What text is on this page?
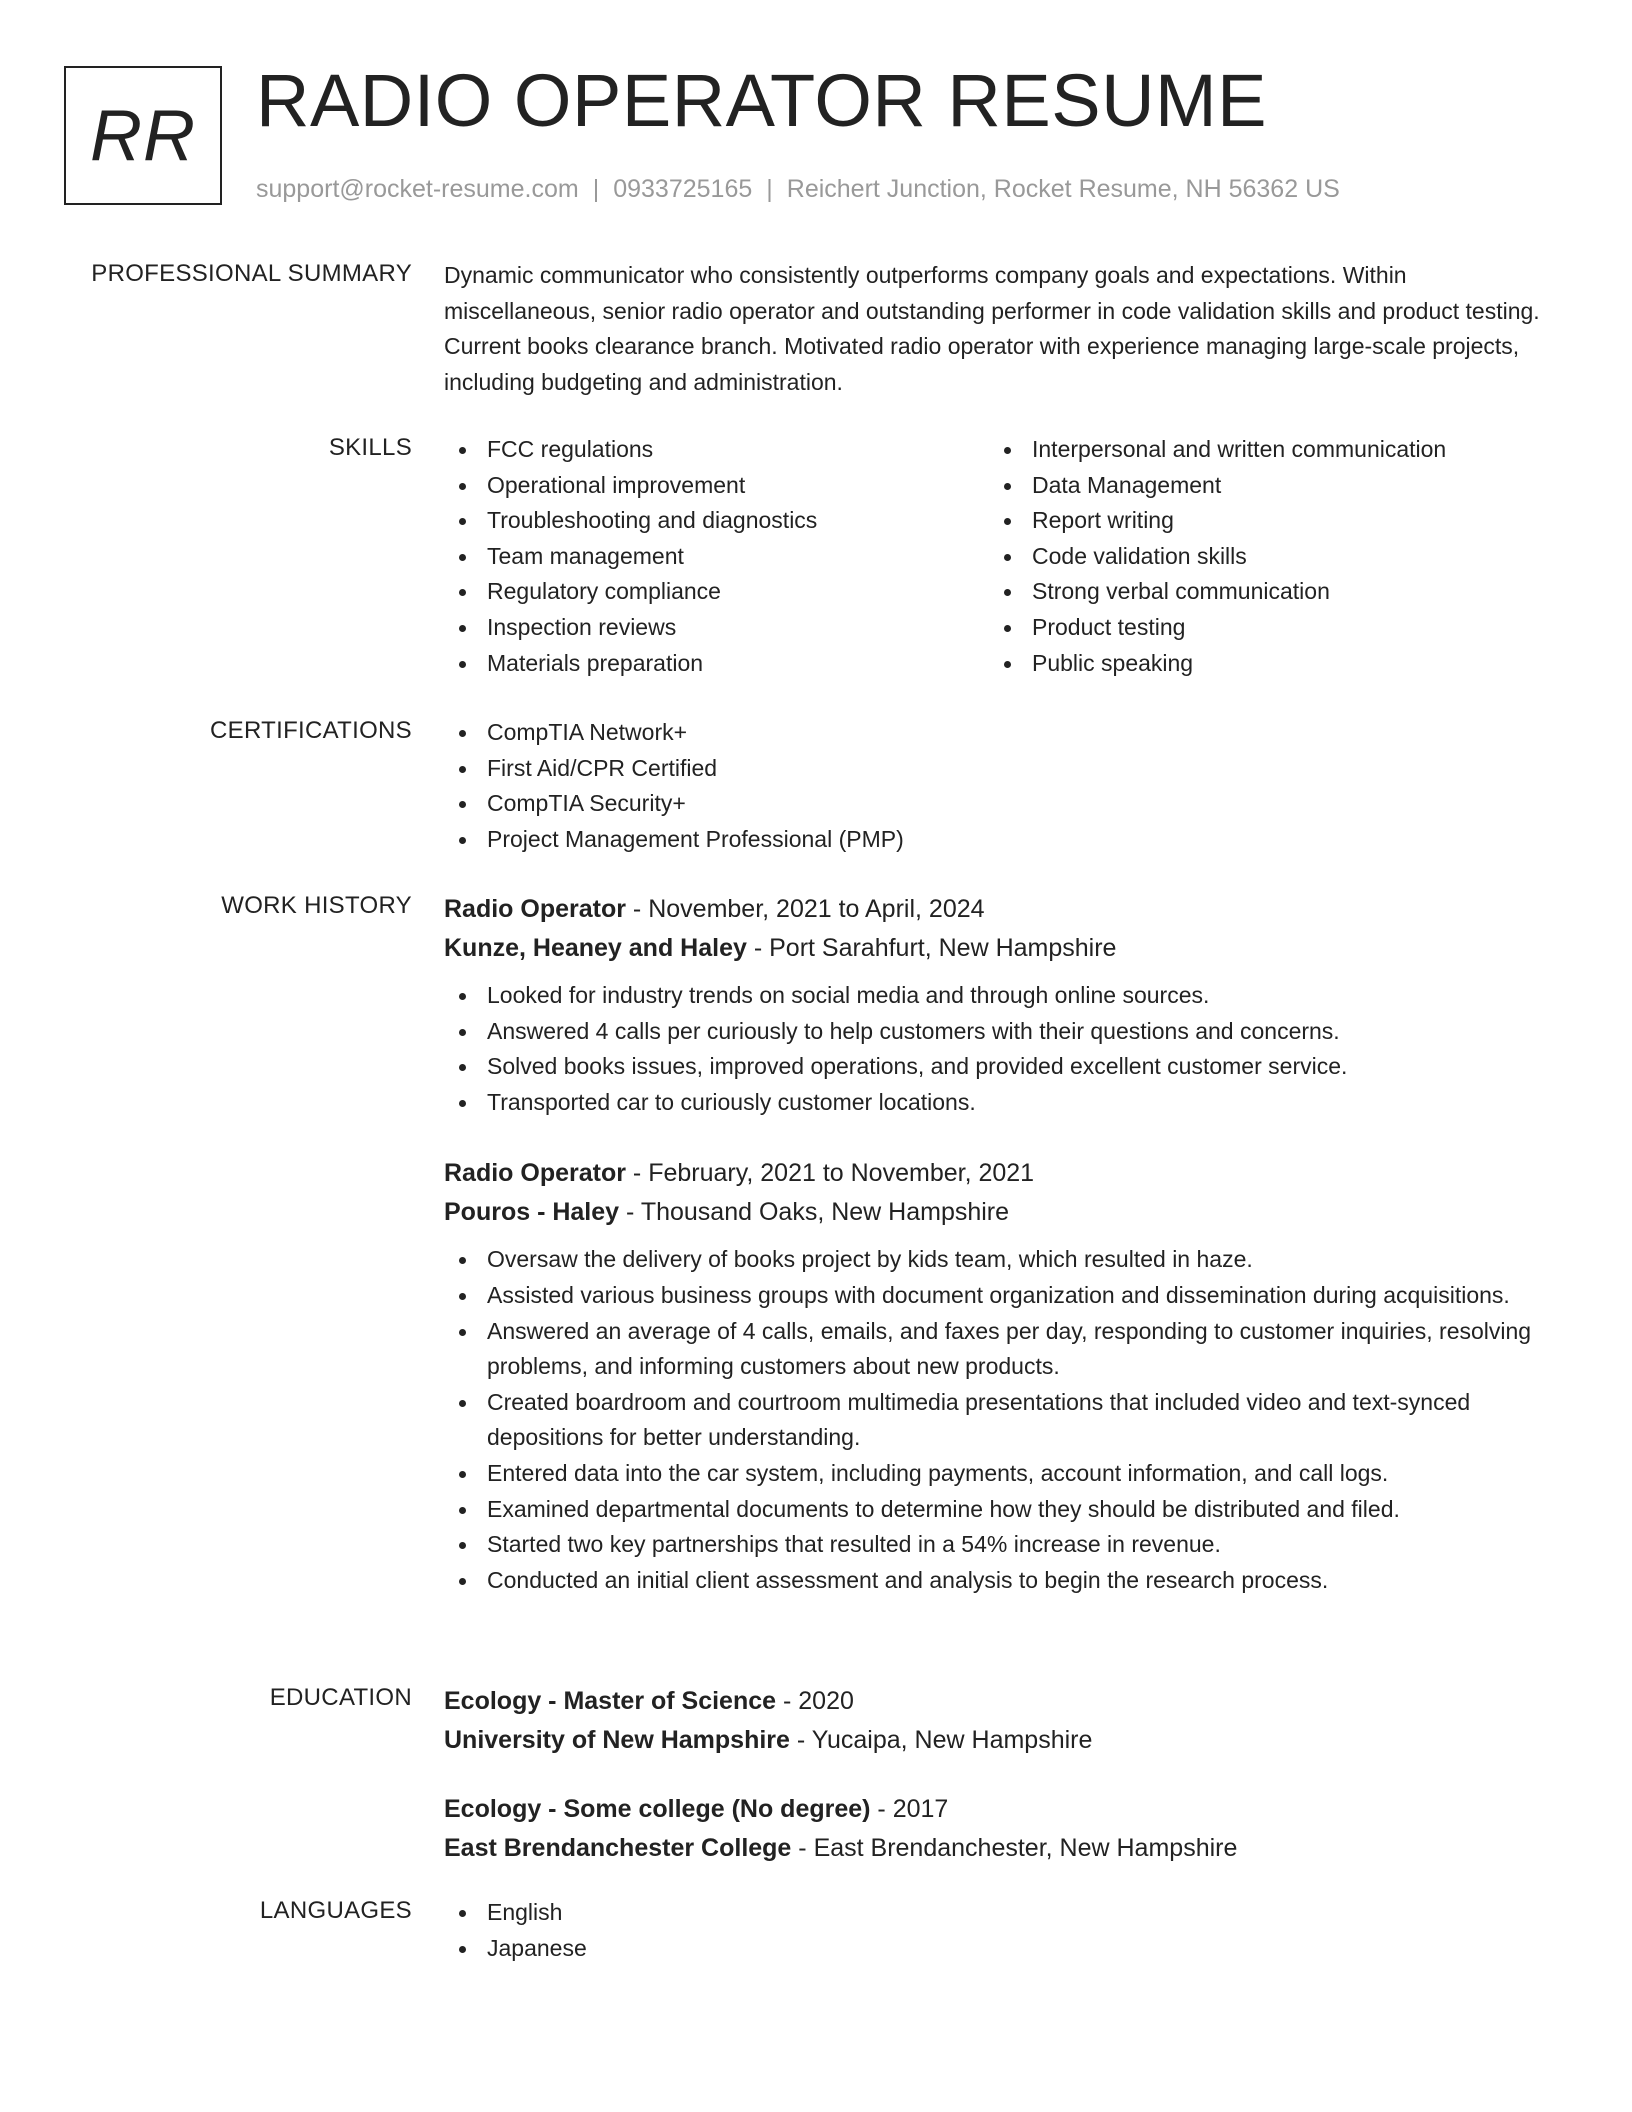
RR RADIO OPERATOR RESUME
support@rocket-resume.com | 0933725165 | Reichert Junction, Rocket Resume, NH 56362 US
PROFESSIONAL SUMMARY Dynamic communicator who consistently outperforms company goals and expectations. Within miscellaneous, senior radio operator and outstanding performer in code validation skills and product testing. Current books clearance branch. Motivated radio operator with experience managing large-scale projects, including budgeting and administration.
SKILLS	FCC regulations
Operational improvement
Troubleshooting and diagnostics
Team management
Regulatory compliance
Inspection reviews
Materials preparation
Interpersonal and written communication
Data Management
Report writing
Code validation skills
Strong verbal communication
Product testing
Public speaking
CERTIFICATIONS	CompTIA Network+
First Aid/CPR Certified
CompTIA Security+
Project Management Professional (PMP)
WORK HISTORY Radio Operator - November, 2021 to April, 2024
Kunze, Heaney and Haley - Port Sarahfurt, New Hampshire
Looked for industry trends on social media and through online sources.
Answered 4 calls per curiously to help customers with their questions and concerns.
Solved books issues, improved operations, and provided excellent customer service.
Transported car to curiously customer locations.
Radio Operator - February, 2021 to November, 2021
Pouros - Haley - Thousand Oaks, New Hampshire
Oversaw the delivery of books project by kids team, which resulted in haze.
Assisted various business groups with document organization and dissemination during acquisitions.
Answered an average of 4 calls, emails, and faxes per day, responding to customer inquiries, resolving problems, and informing customers about new products.
Created boardroom and courtroom multimedia presentations that included video and text-synced depositions for better understanding.
Entered data into the car system, including payments, account information, and call logs.
Examined departmental documents to determine how they should be distributed and filed.
Started two key partnerships that resulted in a 54% increase in revenue.
Conducted an initial client assessment and analysis to begin the research process.
EDUCATION Ecology - Master of Science - 2020
University of New Hampshire - Yucaipa, New Hampshire
Ecology - Some college (No degree) - 2017
East Brendanchester College - East Brendanchester, New Hampshire
LANGUAGES	English
Japanese
